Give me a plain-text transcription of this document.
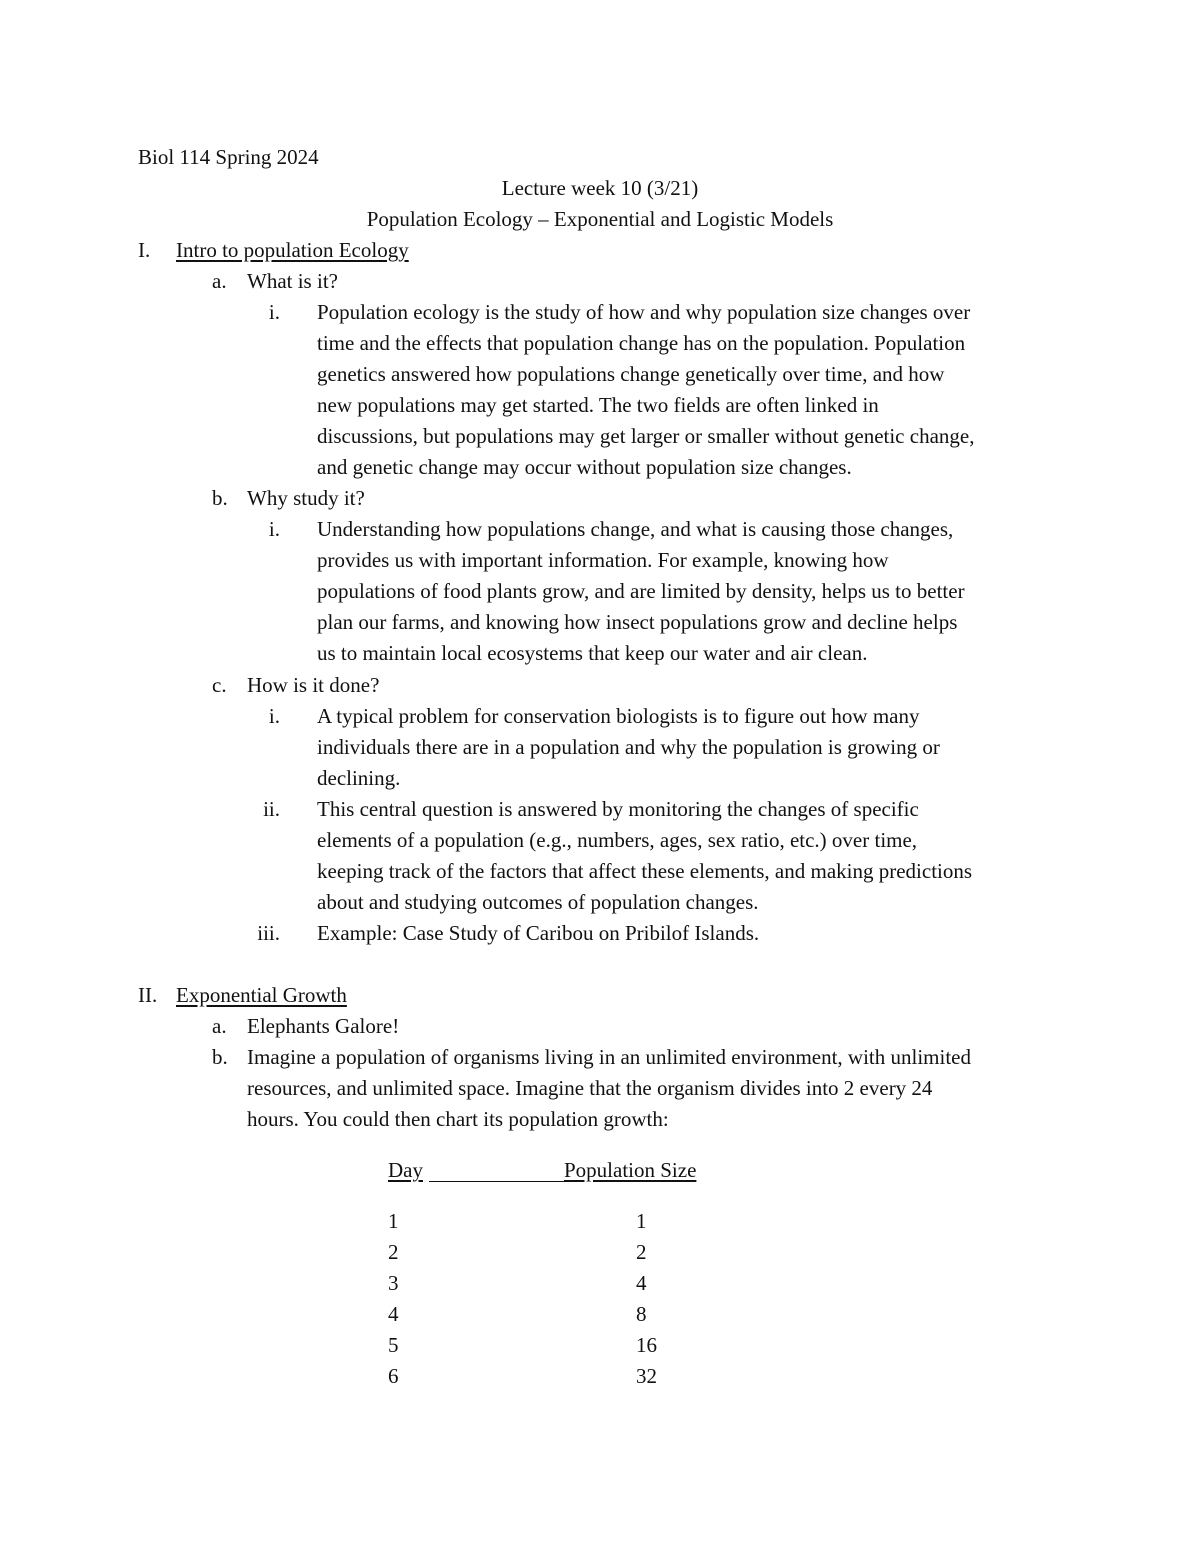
Biol 114 Spring 2024
Lecture week 10 (3/21)
Population Ecology – Exponential and Logistic Models
I. Intro to population Ecology
a. What is it?
i. Population ecology is the study of how and why population size changes over
time and the effects that population change has on the population. Population
genetics answered how populations change genetically over time, and how
new populations may get started. The two fields are often linked in
discussions, but populations may get larger or smaller without genetic change,
and genetic change may occur without population size changes.
b. Why study it?
i. Understanding how populations change, and what is causing those changes,
provides us with important information. For example, knowing how
populations of food plants grow, and are limited by density, helps us to better
plan our farms, and knowing how insect populations grow and decline helps
us to maintain local ecosystems that keep our water and air clean.
c. How is it done?
i. A typical problem for conservation biologists is to figure out how many
individuals there are in a population and why the population is growing or
declining.
ii. This central question is answered by monitoring the changes of specific
elements of a population (e.g., numbers, ages, sex ratio, etc.) over time,
keeping track of the factors that affect these elements, and making predictions
about and studying outcomes of population changes.
iii. Example: Case Study of Caribou on Pribilof Islands.
II. Exponential Growth
a. Elephants Galore!
b. Imagine a population of organisms living in an unlimited environment, with unlimited
resources, and unlimited space. Imagine that the organism divides into 2 every 24
hours. You could then chart its population growth:
Day	Population Size
1	1
2	2
3	4
4	8
5	16
6	32
